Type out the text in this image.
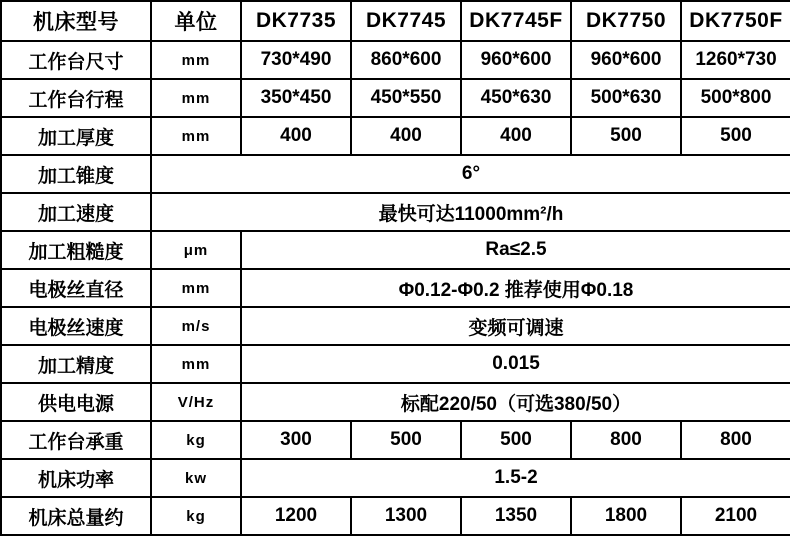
机床型号	单位	DK7735	DK7745	DK7745F	DK7750	DK7750F
工作台尺寸	mm	730*490	860*600	960*600	960*600	1260*730
工作台行程	mm	350*450	450*550	450*630	500*630	500*800
加工厚度	mm	400	400	400	500	500
加工锥度	6°					
加工速度	最快可达11000mm²/h					
加工粗糙度	μm	Ra≤2.5				
电极丝直径	mm	Φ0.12-Φ0.2 推荐使用Φ0.18				
电极丝速度	m/s	变频可调速				
加工精度	mm	0.015				
供电电源	V/Hz	标配220/50（可选380/50）				
工作台承重	kg	300	500	500	800	800
机床功率	kw	1.5-2				
机床总量约	kg	1200	1300	1350	1800	2100
